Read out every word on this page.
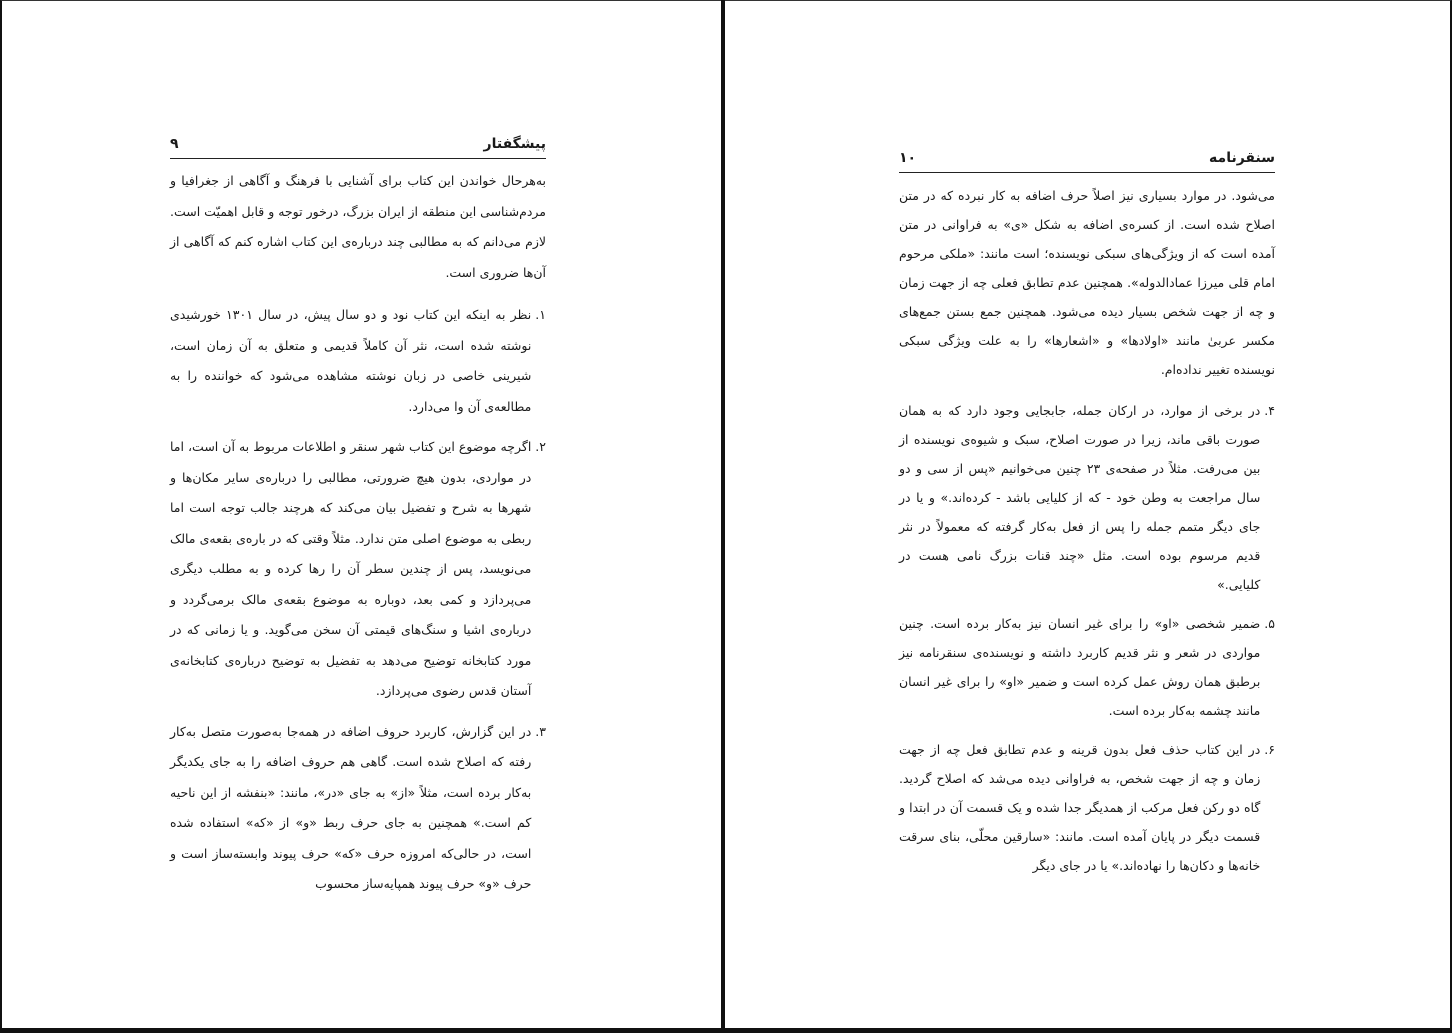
پیشگفتار
۹

به‌هرحال خواندن این کتاب برای آشنایی با فرهنگ و آگاهی از جغرافیا و مردم‌شناسی این منطقه از ایران بزرگ، درخور توجه و قابل اهمیّت است. لازم می‌دانم که به مطالبی چند درباره‌ی این کتاب اشاره کنم که آگاهی از آن‌ها ضروری است.

۱.
نظر به اینکه این کتاب نود و دو سال پیش، در سال ۱۳۰۱ خورشیدی نوشته شده است، نثر آن کاملاً قدیمی و متعلق به آن زمان است، شیرینی خاصی در زبان نوشته مشاهده می‌شود که خواننده را به مطالعه‌ی آن وا می‌دارد.
۲.
اگرچه موضوع این کتاب شهر سنقر و اطلاعات مربوط به آن است، اما در مواردی، بدون هیچ ضرورتی، مطالبی را درباره‌ی سایر مکان‌ها و شهرها به شرح و تفضیل بیان می‌کند که هرچند جالب توجه است اما ربطی به موضوع اصلی متن ندارد. مثلاً وقتی که در باره‌ی بقعه‌ی مالک می‌نویسد، پس از چندین سطر آن را رها کرده و به مطلب دیگری می‌پردازد و کمی بعد، دوباره به موضوع بقعه‌ی مالک برمی‌گردد و درباره‌ی اشیا و سنگ‌های قیمتی آن سخن می‌گوید. و یا زمانی که در مورد کتابخانه توضیح می‌دهد به تفضیل به توضیح درباره‌ی کتابخانه‌ی آستان قدس رضوی می‌پردازد.
۳.
در این گزارش، کاربرد حروف اضافه در همه‌جا به‌صورت متصل به‌کار رفته که اصلاح شده است. گاهی هم حروف اضافه را به جای یکدیگر به‌کار برده است، مثلاً «از» به جای «در»، مانند: «بنفشه از این ناحیه کم است.» همچنین به جای حرف ربط «و» از «که» استفاده شده است، در حالی‌که امروزه حرف «که» حرف پیوند وابسته‌ساز است و حرف «و» حرف پیوند همپایه‌ساز محسوب
سنقرنامه
۱۰

می‌شود. در موارد بسیاری نیز اصلاً حرف اضافه به کار نبرده که در متن اصلاح شده است. از کسره‌ی اضافه به شکل «ی» به فراوانی در متن آمده است که از ویژگی‌های سبکی نویسنده؛ است مانند: «ملکی مرحوم امام قلی میرزا عمادالدوله». همچنین عدم تطابق فعلی چه از جهت زمان و چه از جهت شخص بسیار دیده می‌شود. همچنین جمع بستن جمع‌های مکسر عربیٰ مانند «اولادها» و «اشعارها» را به علت ویژگی سبکی نویسنده تغییر نداده‌ام.

۴.
در برخی از موارد، در ارکان جمله، جابجایی وجود دارد که به همان صورت باقی ماند، زیرا در صورت اصلاح، سبک و شیوه‌ی نویسنده از بین می‌رفت. مثلاً در صفحه‌ی ۲۳ چنین می‌خوانیم «پس از سی و دو سال مراجعت به وطن خود - که از کلیایی باشد - کرده‌اند.» و یا در جای دیگر متمم جمله را پس از فعل به‌کار گرفته که معمولاً در نثر قدیم مرسوم بوده است. مثل «چند قنات بزرگ نامی هست در کلیایی.»
۵.
ضمیر شخصی «او» را برای غیر انسان نیز به‌کار برده است. چنین مواردی در شعر و نثر قدیم کاربرد داشته و نویسنده‌ی سنقرنامه نیز برطبق همان روش عمل کرده است و ضمیر «او» را برای غیر انسان مانند چشمه به‌کار برده است.
۶.
در این کتاب حذف فعل بدون قرینه و عدم تطابق فعل چه از جهت زمان و چه از جهت شخص، به فراوانی دیده می‌شد که اصلاح گردید. گاه دو رکن فعل مرکب از همدیگر جدا شده و یک قسمت آن در ابتدا و قسمت دیگر در پایان آمده است. مانند: «سارقین محلّی، بنای سرقت خانه‌ها و دکان‌ها را نهاده‌اند.» یا در جای دیگر
